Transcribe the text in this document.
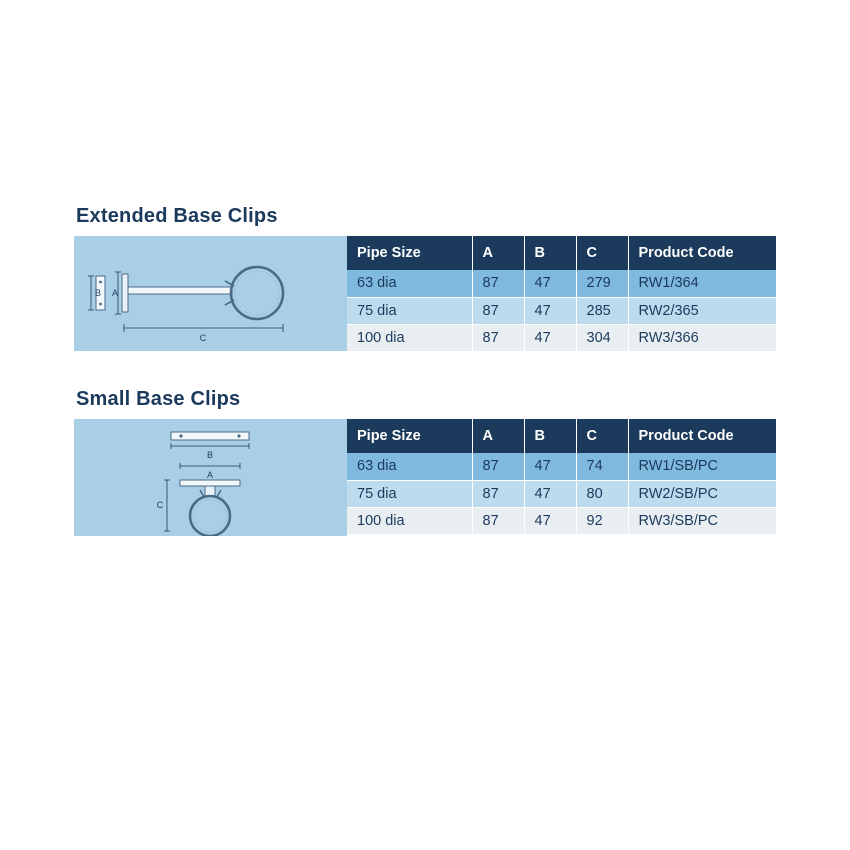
Extended Base Clips
B A
C
Pipe Size	A	B	C	Product Code
63 dia	87	47	279	RW1/364
75 dia	87	47	285	RW2/365
100 dia	87	47	304	RW3/366
Small Base Clips
B
A
C
Pipe Size	A	B	C	Product Code
63 dia	87	47	74	RW1/SB/PC
75 dia	87	47	80	RW2/SB/PC
100 dia	87	47	92	RW3/SB/PC
